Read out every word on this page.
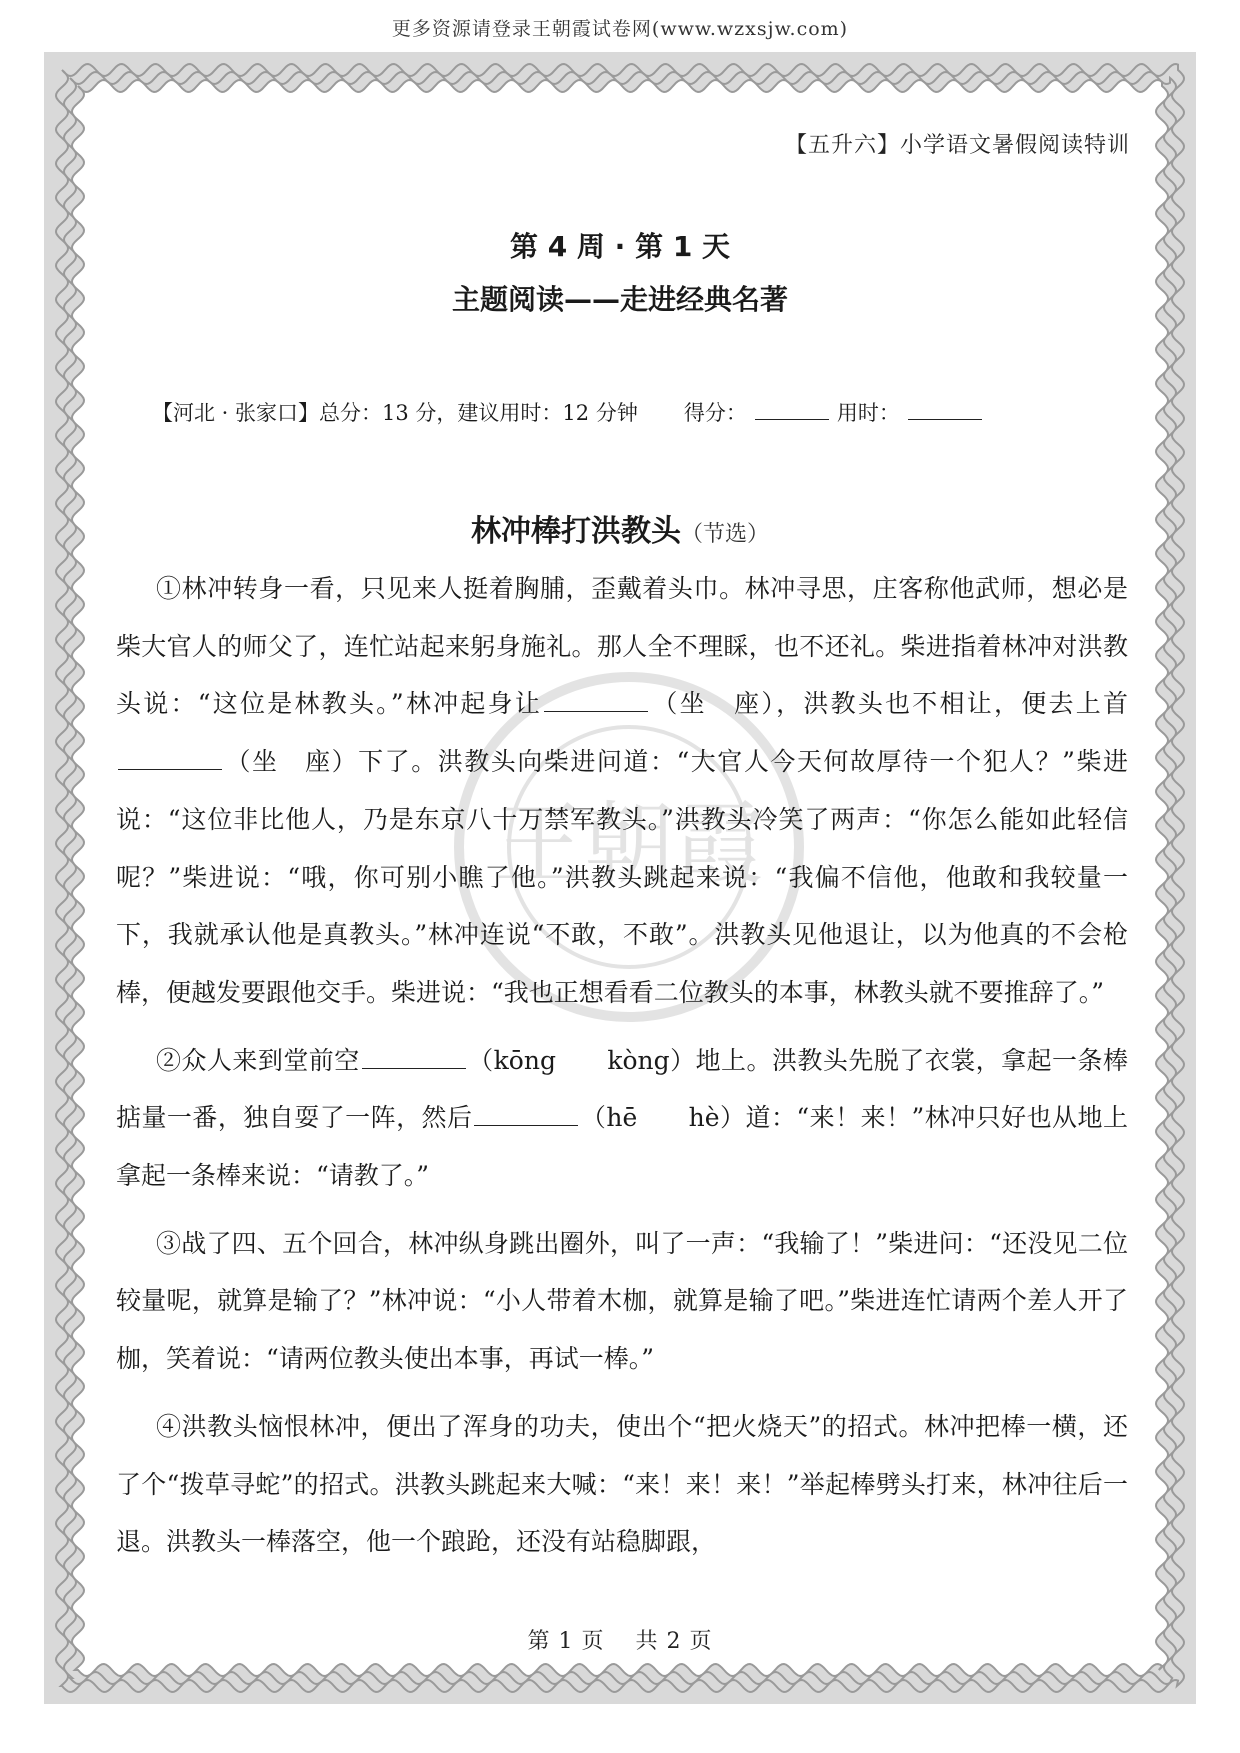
更多资源请登录王朝霞试卷网(www.wzxsjw.com)
【五升六】小学语文暑假阅读特训
第 4 周 · 第 1 天
主题阅读——走进经典名著
【河北 · 张家口】总分：13 分，建议用时：12 分钟 得分：	用时：
王朝霞
林冲棒打洪教头（节选）

①林冲转身一看，只见来人挺着胸脯，歪戴着头巾。林冲寻思，庄客称他武师，想必是柴大官人的师父了，连忙站起来躬身施礼。那人全不理睬，也不还礼。柴进指着林冲对洪教头说：“这位是林教头。”林冲起身让	（坐　座），洪教头也不相让，便去上首（坐　座）下了。洪教头向柴进问道：“大官人今天何故厚待一个犯人？”柴进说：“这位非比他人，乃是东京八十万禁军教头。”洪教头冷笑了两声：“你怎么能如此轻信呢？”柴进说：“哦，你可别小瞧了他。”洪教头跳起来说：“我偏不信他，他敢和我较量一下，我就承认他是真教头。”林冲连说“不敢，不敢”。洪教头见他退让，以为他真的不会枪棒，便越发要跟他交手。柴进说：“我也正想看看二位教头的本事，林教头就不要推辞了。”

②众人来到堂前空	（kōng　　kòng）地上。洪教头先脱了衣裳，拿起一条棒掂量一番，独自耍了一阵，然后	（hē　　hè）道：“来！来！”林冲只好也从地上拿起一条棒来说：“请教了。”

③战了四、五个回合，林冲纵身跳出圈外，叫了一声：“我输了！”柴进问：“还没见二位较量呢，就算是输了？”林冲说：“小人带着木枷，就算是输了吧。”柴进连忙请两个差人开了枷，笑着说：“请两位教头使出本事，再试一棒。”

④洪教头恼恨林冲，便出了浑身的功夫，使出个“把火烧天”的招式。林冲把棒一横，还了个“拨草寻蛇”的招式。洪教头跳起来大喊：“来！来！来！”举起棒劈头打来，林冲往后一退。洪教头一棒落空，他一个踉跄，还没有站稳脚跟，

第 1 页　 共 2 页
